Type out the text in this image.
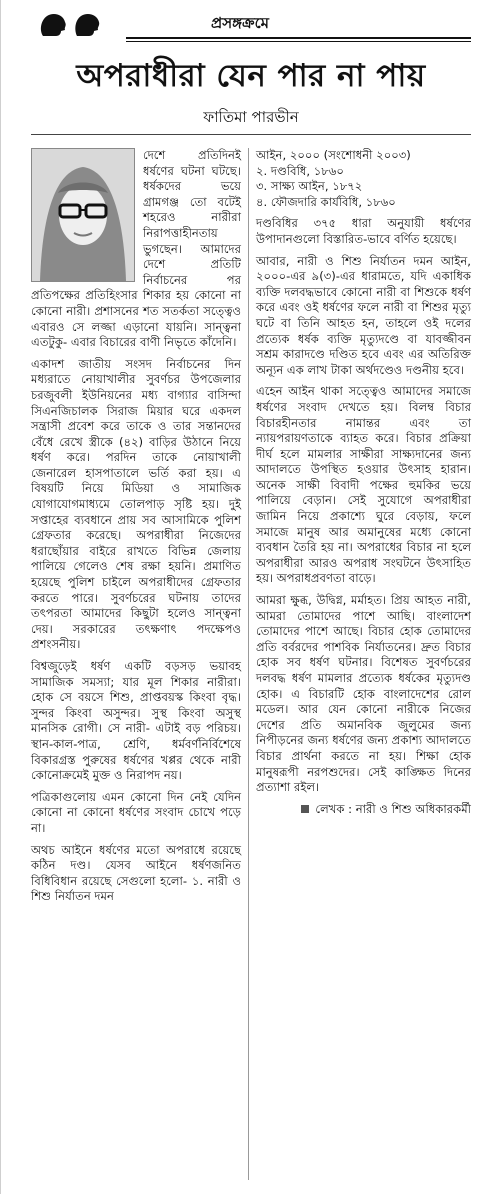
প্রসঙ্গক্রমে
অপরাধীরা যেন পার না পায়
ফাতিমা পারভীন

দেশে প্রতিদিনই ধর্ষণের ঘটনা ঘটছে। ধর্ষকদের ভয়ে গ্রামগঞ্জ তো বটেই শহরেও নারীরা নিরাপত্তাহীনতায় ভুগছেন। আমাদের দেশে প্রতিটি নির্বাচনের পর প্রতিপক্ষের প্রতিহিংসার শিকার হয় কোনো না কোনো নারী। প্রশাসনের শত সতর্কতা সত্ত্বেও এবারও সে লজ্জা এড়ানো যায়নি। সান্ত্বনা এতটুকু- এবার বিচারের বাণী নিভৃতে কাঁদেনি।

একাদশ জাতীয় সংসদ নির্বাচনের দিন মধ্যরাতে নোয়াখালীর সুবর্ণচর উপজেলার চরজুবলী ইউনিয়নের মধ্য বাগ্যার বাসিন্দা সিএনজিচালক সিরাজ মিয়ার ঘরে একদল সন্ত্রাসী প্রবেশ করে তাকে ও তার সন্তানদের বেঁধে রেখে স্ত্রীকে (৪২) বাড়ির উঠানে নিয়ে ধর্ষণ করে। পরদিন তাকে নোয়াখালী জেনারেল হাসপাতালে ভর্তি করা হয়। এ বিষয়টি নিয়ে মিডিয়া ও সামাজিক যোগাযোগমাধ্যমে তোলপাড় সৃষ্টি হয়। দুই সপ্তাহের ব্যবধানে প্রায় সব আসামিকে পুলিশ গ্রেফতার করেছে। অপরাধীরা নিজেদের ধরাছোঁয়ার বাইরে রাখতে বিভিন্ন জেলায় পালিয়ে গেলেও শেষ রক্ষা হয়নি। প্রমাণিত হয়েছে পুলিশ চাইলে অপরাধীদের গ্রেফতার করতে পারে। সুবর্ণচরের ঘটনায় তাদের তৎপরতা আমাদের কিছুটা হলেও সান্ত্বনা দেয়। সরকারের তৎক্ষণাৎ পদক্ষেপও প্রশংসনীয়।

বিশ্বজুড়েই ধর্ষণ একটি বড়সড় ভয়াবহ সামাজিক সমস্যা; যার মূল শিকার নারীরা। হোক সে বয়সে শিশু, প্রাপ্তবয়স্ক কিংবা বৃদ্ধ। সুন্দর কিংবা অসুন্দর। সুস্থ কিংবা অসুস্থ মানসিক রোগী। সে নারী- এটাই বড় পরিচয়। স্থান-কাল-পাত্র, শ্রেণি, ধর্মবর্ণনির্বিশেষে বিকারগ্রস্ত পুরুষের ধর্ষণের খপ্পর থেকে নারী কোনোক্রমেই মুক্ত ও নিরাপদ নয়।

পত্রিকাগুলোয় এমন কোনো দিন নেই যেদিন কোনো না কোনো ধর্ষণের সংবাদ চোখে পড়ে না।

অথচ আইনে ধর্ষণের মতো অপরাধে রয়েছে কঠিন দণ্ড। যেসব আইনে ধর্ষণজনিত বিধিবিধান রয়েছে সেগুলো হলো- ১. নারী ও শিশু নির্যাতন দমন

আইন, ২০০০ (সংশোধনী ২০০৩)
২. দণ্ডবিধি, ১৮৬০
৩. সাক্ষ্য আইন, ১৮৭২
৪. ফৌজদারি কার্যবিধি, ১৮৬০

দণ্ডবিধির ৩৭৫ ধারা অনুযায়ী ধর্ষণের উপাদানগুলো বিস্তারিত-ভাবে বর্ণিত হয়েছে।

আবার, নারী ও শিশু নির্যাতন দমন আইন, ২০০০-এর ৯(৩)-এর ধারামতে, যদি একাধিক ব্যক্তি দলবদ্ধভাবে কোনো নারী বা শিশুকে ধর্ষণ করে এবং ওই ধর্ষণের ফলে নারী বা শিশুর মৃত্যু ঘটে বা তিনি আহত হন, তাহলে ওই দলের প্রত্যেক ধর্ষক ব্যক্তি মৃত্যুদণ্ডে বা যাবজ্জীবন সশ্রম কারাদণ্ডে দণ্ডিত হবে এবং এর অতিরিক্ত অন্যূন এক লাখ টাকা অর্থদণ্ডেও দণ্ডনীয় হবে।

এহেন আইন থাকা সত্ত্বেও আমাদের সমাজে ধর্ষণের সংবাদ দেখতে হয়। বিলম্ব বিচার বিচারহীনতার নামান্তর এবং তা ন্যায়পরায়ণতাকে ব্যাহত করে। বিচার প্রক্রিয়া দীর্ঘ হলে মামলার সাক্ষীরা সাক্ষ্যদানের জন্য আদালতে উপস্থিত হওয়ার উৎসাহ হারান। অনেক সাক্ষী বিবাদী পক্ষের হুমকির ভয়ে পালিয়ে বেড়ান। সেই সুযোগে অপরাধীরা জামিন নিয়ে প্রকাশ্যে ঘুরে বেড়ায়, ফলে সমাজে মানুষ আর অমানুষের মধ্যে কোনো ব্যবধান তৈরি হয় না। অপরাধের বিচার না হলে অপরাধীরা আরও অপরাধ সংঘটনে উৎসাহিত হয়। অপরাধপ্রবণতা বাড়ে।

আমরা ক্ষুব্ধ, উদ্বিগ্ন, মর্মাহত। প্রিয় আহত নারী, আমরা তোমাদের পাশে আছি। বাংলাদেশ তোমাদের পাশে আছে। বিচার হোক তোমাদের প্রতি বর্বরদের পাশবিক নির্যাতনের। দ্রুত বিচার হোক সব ধর্ষণ ঘটনার। বিশেষত সুবর্ণচরের দলবদ্ধ ধর্ষণ মামলার প্রত্যেক ধর্ষকের মৃত্যুদণ্ড হোক। এ বিচারটি হোক বাংলাদেশের রোল মডেল। আর যেন কোনো নারীকে নিজের দেশের প্রতি অমানবিক জুলুমের জন্য নিপীড়নের জন্য ধর্ষণের জন্য প্রকাশ্য আদালতে বিচার প্রার্থনা করতে না হয়। শিক্ষা হোক মানুষরূপী নরপশুদের। সেই কাঙ্ক্ষিত দিনের প্রত্যাশা রইল।

লেখক : নারী ও শিশু অধিকারকর্মী
